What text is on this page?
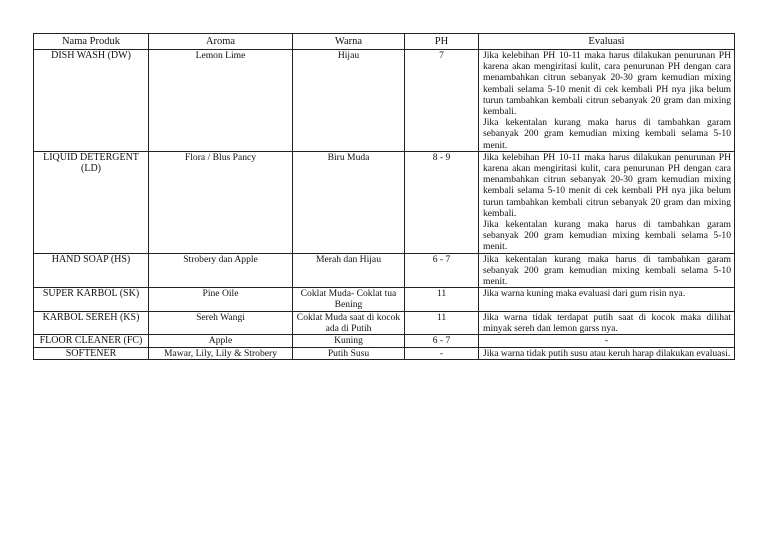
Nama Produk	Aroma	Warna	PH	Evaluasi
DISH WASH (DW)	Lemon Lime	Hijau	7	Jika kelebihan PH 10-11 maka harus dilakukan penurunan PH karena akan mengiritasi kulit, cara penurunan PH dengan cara menambahkan citrun sebanyak 20-30 gram kemudian mixing kembali selama 5-10 menit di cek kembali PH nya jika belum turun tambahkan kembali citrun sebanyak 20 gram dan mixing kembali.
Jika kekentalan kurang maka harus di tambahkan garam sebanyak 200 gram kemudian mixing kembali selama 5-10 menit.

LIQUID DETERGENT (LD)	Flora / Blus Pancy	Biru Muda	8 - 9	Jika kelebihan PH 10-11 maka harus dilakukan penurunan PH karena akan mengiritasi kulit, cara penurunan PH dengan cara menambahkan citrun sebanyak 20-30 gram kemudian mixing kembali selama 5-10 menit di cek kembali PH nya jika belum turun tambahkan kembali citrun sebanyak 20 gram dan mixing kembali.
Jika kekentalan kurang maka harus di tambahkan garam sebanyak 200 gram kemudian mixing kembali selama 5-10 menit.

HAND SOAP (HS)	Strobery dan Apple	Merah dan Hijau	6 - 7	Jika kekentalan kurang maka harus di tambahkan garam sebanyak 200 gram kemudian mixing kembali selama 5-10 menit.

SUPER KARBOL (SK)	Pine Oile	Coklat Muda- Coklat tua Bening	11	Jika warna kuning maka evaluasi dari gum risin nya.

KARBOL SEREH (KS)	Sereh Wangi	Coklat Muda saat di kocok ada di Putih	11	Jika warna tidak terdapat putih saat di kocok maka dilihat minyak sereh dan lemon garss nya.

FLOOR CLEANER (FC)	Apple	Kuning	6 - 7	-

SOFTENER	Mawar, Lily, Lily & Strobery	Putih Susu	-	Jika warna tidak putih susu atau keruh harap dilakukan evaluasi.
